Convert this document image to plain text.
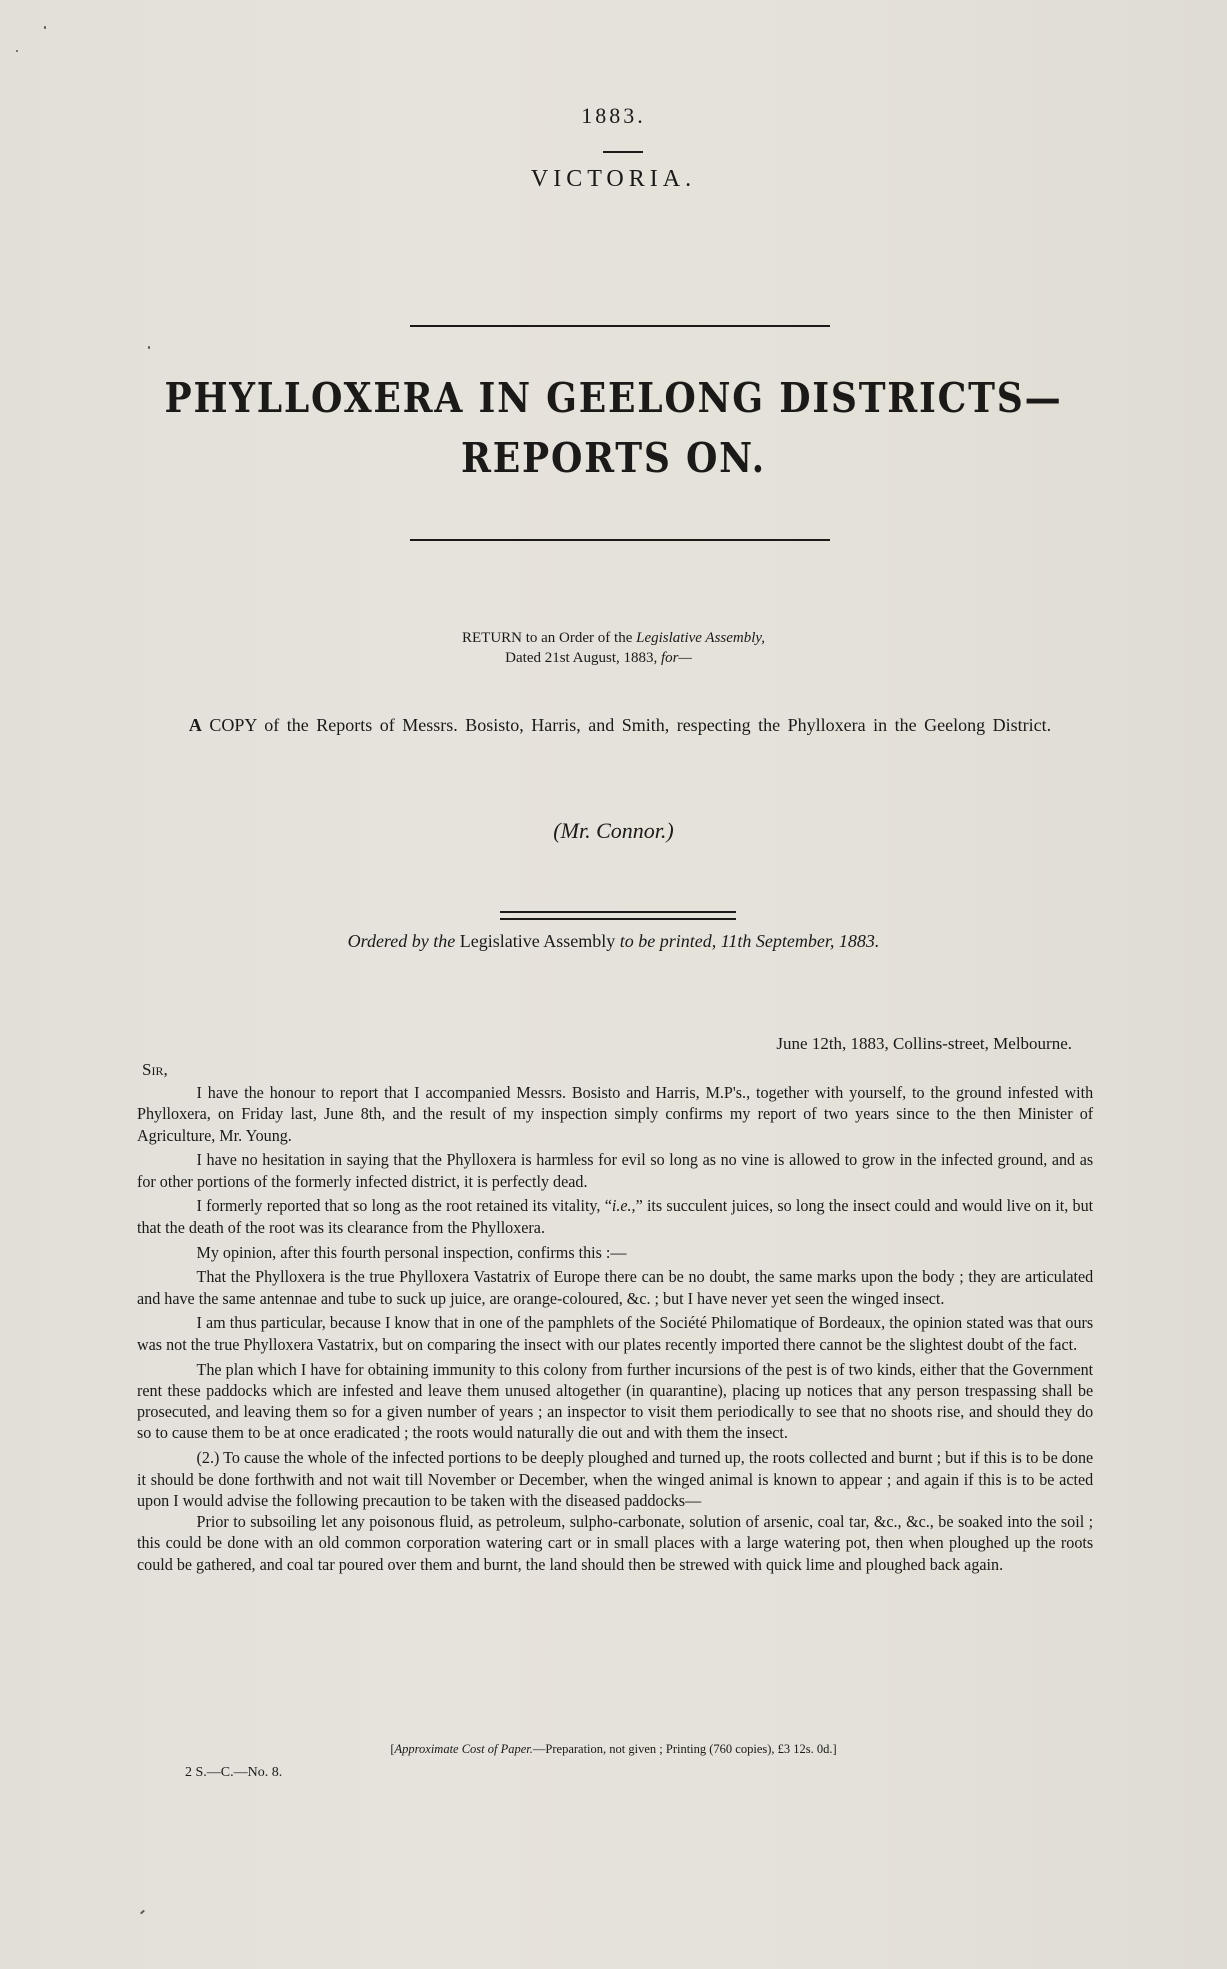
1883.
VICTORIA.
PHYLLOXERA IN GEELONG DISTRICTS—
REPORTS ON.
RETURN to an Order of the Legislative Assembly,
Dated 21st August, 1883, for—
A COPY of the Reports of Messrs. Bosisto, Harris, and Smith, respecting the Phylloxera in the Geelong District.
(Mr. Connor.)
Ordered by the Legislative Assembly to be printed, 11th September, 1883.
June 12th, 1883, Collins-street, Melbourne.
Sir,

I have the honour to report that I accompanied Messrs. Bosisto and Harris, M.P's., together with yourself, to the ground infested with Phylloxera, on Friday last, June 8th, and the result of my inspection simply confirms my report of two years since to the then Minister of Agriculture, Mr. Young.

I have no hesitation in saying that the Phylloxera is harmless for evil so long as no vine is allowed to grow in the infected ground, and as for other portions of the formerly infected district, it is perfectly dead.

I formerly reported that so long as the root retained its vitality, “i.e.,” its succulent juices, so long the insect could and would live on it, but that the death of the root was its clearance from the Phylloxera.

My opinion, after this fourth personal inspection, confirms this :—

That the Phylloxera is the true Phylloxera Vastatrix of Europe there can be no doubt, the same marks upon the body ; they are articulated and have the same antennae and tube to suck up juice, are orange-coloured, &c. ; but I have never yet seen the winged insect.

I am thus particular, because I know that in one of the pamphlets of the Société Philomatique of Bordeaux, the opinion stated was that ours was not the true Phylloxera Vastatrix, but on comparing the insect with our plates recently imported there cannot be the slightest doubt of the fact.

The plan which I have for obtaining immunity to this colony from further incursions of the pest is of two kinds, either that the Government rent these paddocks which are infested and leave them unused altogether (in quarantine), placing up notices that any person trespassing shall be prosecuted, and leaving them so for a given number of years ; an inspector to visit them periodically to see that no shoots rise, and should they do so to cause them to be at once eradicated ; the roots would naturally die out and with them the insect.

(2.) To cause the whole of the infected portions to be deeply ploughed and turned up, the roots collected and burnt ; but if this is to be done it should be done forthwith and not wait till November or December, when the winged animal is known to appear ; and again if this is to be acted upon I would advise the following precaution to be taken with the diseased paddocks—

Prior to subsoiling let any poisonous fluid, as petroleum, sulpho-carbonate, solution of arsenic, coal tar, &c., &c., be soaked into the soil ; this could be done with an old common corporation watering cart or in small places with a large watering pot, then when ploughed up the roots could be gathered, and coal tar poured over them and burnt, the land should then be strewed with quick lime and ploughed back again.

[Approximate Cost of Paper.—Preparation, not given ; Printing (760 copies), £3 12s. 0d.]
2 S.—C.—No. 8.
